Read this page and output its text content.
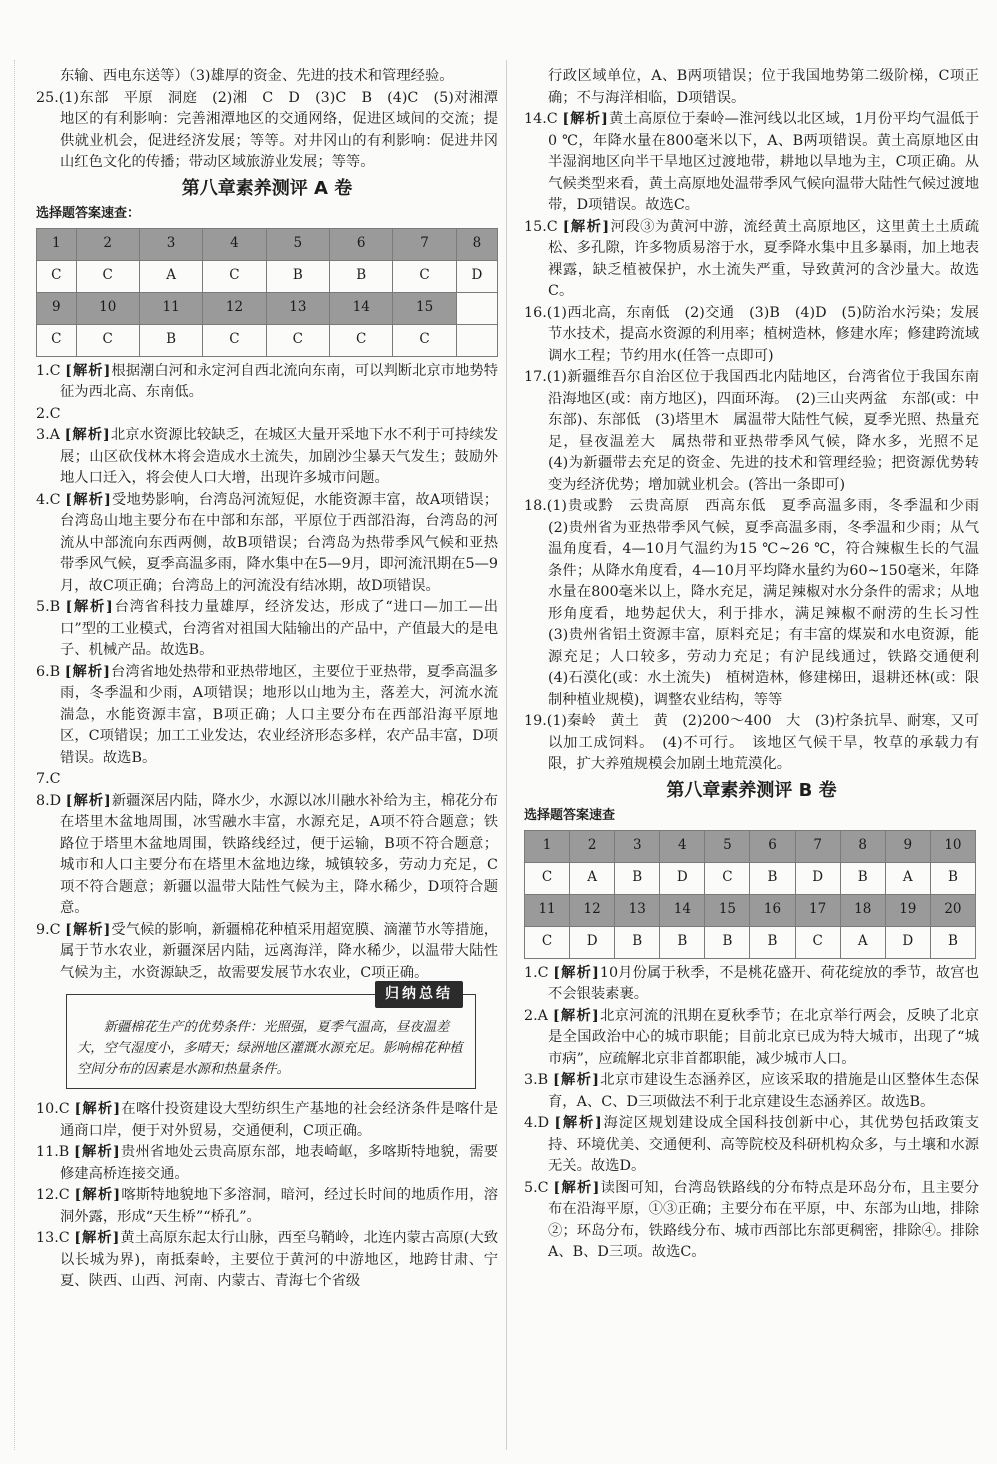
东输、西电东送等）（3)雄厚的资金、先进的技术和管理经验。

25.(1)东部　平原　洞庭　(2)湘　C　D　(3)C　B　(4)C　(5)对湘潭地区的有利影响：完善湘潭地区的交通网络，促进区域间的交流；提供就业机会，促进经济发展；等等。对井冈山的有利影响：促进井冈山红色文化的传播；带动区域旅游业发展；等等。

第八章素养测评 A 卷
选择题答案速查：
1	2	3	4	5	6	7	8
C	C	A	C	B	B	C	D
9	10	11	12	13	14	15	
C	C	B	C	C	C	C	

1.C [解析]根据潮白河和永定河自西北流向东南，可以判断北京市地势特征为西北高、东南低。

2.C

3.A [解析]北京水资源比较缺乏，在城区大量开采地下水不利于可持续发展；山区砍伐林木将会造成水土流失，加剧沙尘暴天气发生；鼓励外地人口迁入，将会使人口大增，出现许多城市问题。

4.C [解析]受地势影响，台湾岛河流短促，水能资源丰富，故A项错误；台湾岛山地主要分布在中部和东部，平原位于西部沿海，台湾岛的河流从中部流向东西两侧，故B项错误；台湾岛为热带季风气候和亚热带季风气候，夏季高温多雨，降水集中在5—9月，即河流汛期在5—9月，故C项正确；台湾岛上的河流没有结冰期，故D项错误。

5.B [解析]台湾省科技力量雄厚，经济发达，形成了“进口—加工—出口”型的工业模式，台湾省对祖国大陆输出的产品中，产值最大的是电子、机械产品。故选B。

6.B [解析]台湾省地处热带和亚热带地区，主要位于亚热带，夏季高温多雨，冬季温和少雨，A项错误；地形以山地为主，落差大，河流水流湍急，水能资源丰富，B项正确；人口主要分布在西部沿海平原地区，C项错误；加工工业发达，农业经济形态多样，农产品丰富，D项错误。故选B。

7.C

8.D [解析]新疆深居内陆，降水少，水源以冰川融水补给为主，棉花分布在塔里木盆地周围，冰雪融水丰富，水源充足，A项不符合题意；铁路位于塔里木盆地周围，铁路线经过，便于运输，B项不符合题意；城市和人口主要分布在塔里木盆地边缘，城镇较多，劳动力充足，C项不符合题意；新疆以温带大陆性气候为主，降水稀少，D项符合题意。

9.C [解析]受气候的影响，新疆棉花种植采用超宽膜、滴灌节水等措施，属于节水农业，新疆深居内陆，远离海洋，降水稀少，以温带大陆性气候为主，水资源缺乏，故需要发展节水农业，C项正确。

归纳总结

新疆棉花生产的优势条件：光照强，夏季气温高，昼夜温差大，空气湿度小，多晴天；绿洲地区灌溉水源充足。影响棉花种植空间分布的因素是水源和热量条件。

10.C [解析]在喀什投资建设大型纺织生产基地的社会经济条件是喀什是通商口岸，便于对外贸易，交通便利，C项正确。

11.B [解析]贵州省地处云贵高原东部，地表崎岖，多喀斯特地貌，需要修建高桥连接交通。

12.C [解析]喀斯特地貌地下多溶洞，暗河，经过长时间的地质作用，溶洞外露，形成“天生桥”“桥孔”。

13.C [解析]黄土高原东起太行山脉，西至乌鞘岭，北连内蒙古高原(大致以长城为界)，南抵秦岭，主要位于黄河的中游地区，地跨甘肃、宁夏、陕西、山西、河南、内蒙古、青海七个省级

行政区域单位，A、B两项错误；位于我国地势第二级阶梯，C项正确；不与海洋相临，D项错误。

14.C [解析]黄土高原位于秦岭—淮河线以北区域，1月份平均气温低于0 ℃，年降水量在800毫米以下，A、B两项错误。黄土高原地区由半湿润地区向半干旱地区过渡地带，耕地以旱地为主，C项正确。从气候类型来看，黄土高原地处温带季风气候向温带大陆性气候过渡地带，D项错误。故选C。

15.C [解析]河段③为黄河中游，流经黄土高原地区，这里黄土土质疏松、多孔隙，许多物质易溶于水，夏季降水集中且多暴雨，加上地表裸露，缺乏植被保护，水土流失严重，导致黄河的含沙量大。故选C。

16.(1)西北高，东南低　(2)交通　(3)B　(4)D　(5)防治水污染；发展节水技术，提高水资源的利用率；植树造林，修建水库；修建跨流域调水工程；节约用水(任答一点即可)

17.(1)新疆维吾尔自治区位于我国西北内陆地区，台湾省位于我国东南沿海地区(或：南方地区)，四面环海。　(2)三山夹两盆　东部(或：中东部)、东部低　(3)塔里木　属温带大陆性气候，夏季光照、热量充足，昼夜温差大　属热带和亚热带季风气候，降水多，光照不足　(4)为新疆带去充足的资金、先进的技术和管理经验；把资源优势转变为经济优势；增加就业机会。(答出一条即可)

18.(1)贵或黔　云贵高原　西高东低　夏季高温多雨，冬季温和少雨　(2)贵州省为亚热带季风气候，夏季高温多雨，冬季温和少雨；从气温角度看，4—10月气温约为15 ℃~26 ℃，符合辣椒生长的气温条件；从降水角度看，4—10月平均降水量约为60~150毫米，年降水量在800毫米以上，降水充足，满足辣椒对水分条件的需求；从地形角度看，地势起伏大，利于排水，满足辣椒不耐涝的生长习性　(3)贵州省铝土资源丰富，原料充足；有丰富的煤炭和水电资源，能源充足；人口较多，劳动力充足；有沪昆线通过，铁路交通便利　(4)石漠化(或：水土流失)　植树造林，修建梯田，退耕还林(或：限制种植业规模)，调整农业结构，等等

19.(1)秦岭　黄土　黄　(2)200～400　大　(3)柠条抗旱、耐寒，又可以加工成饲料。　(4)不可行。　该地区气候干旱，牧草的承载力有限，扩大养殖规模会加剧土地荒漠化。

第八章素养测评 B 卷
选择题答案速查
1	2	3	4	5	6	7	8	9	10
C	A	B	D	C	B	D	B	A	B
11	12	13	14	15	16	17	18	19	20
C	D	B	B	B	B	C	A	D	B

1.C [解析]10月份属于秋季，不是桃花盛开、荷花绽放的季节，故宫也不会银装素裹。

2.A [解析]北京河流的汛期在夏秋季节；在北京举行两会，反映了北京是全国政治中心的城市职能；目前北京已成为特大城市，出现了“城市病”，应疏解北京非首都职能，减少城市人口。

3.B [解析]北京市建设生态涵养区，应该采取的措施是山区整体生态保育，A、C、D三项做法不利于北京建设生态涵养区。故选B。

4.D [解析]海淀区规划建设成全国科技创新中心，其优势包括政策支持、环境优美、交通便利、高等院校及科研机构众多，与土壤和水源无关。故选D。

5.C [解析]读图可知，台湾岛铁路线的分布特点是环岛分布，且主要分布在沿海平原，①③正确；主要分布在平原，中、东部为山地，排除②；环岛分布，铁路线分布、城市西部比东部更稠密，排除④。排除A、B、D三项。故选C。
